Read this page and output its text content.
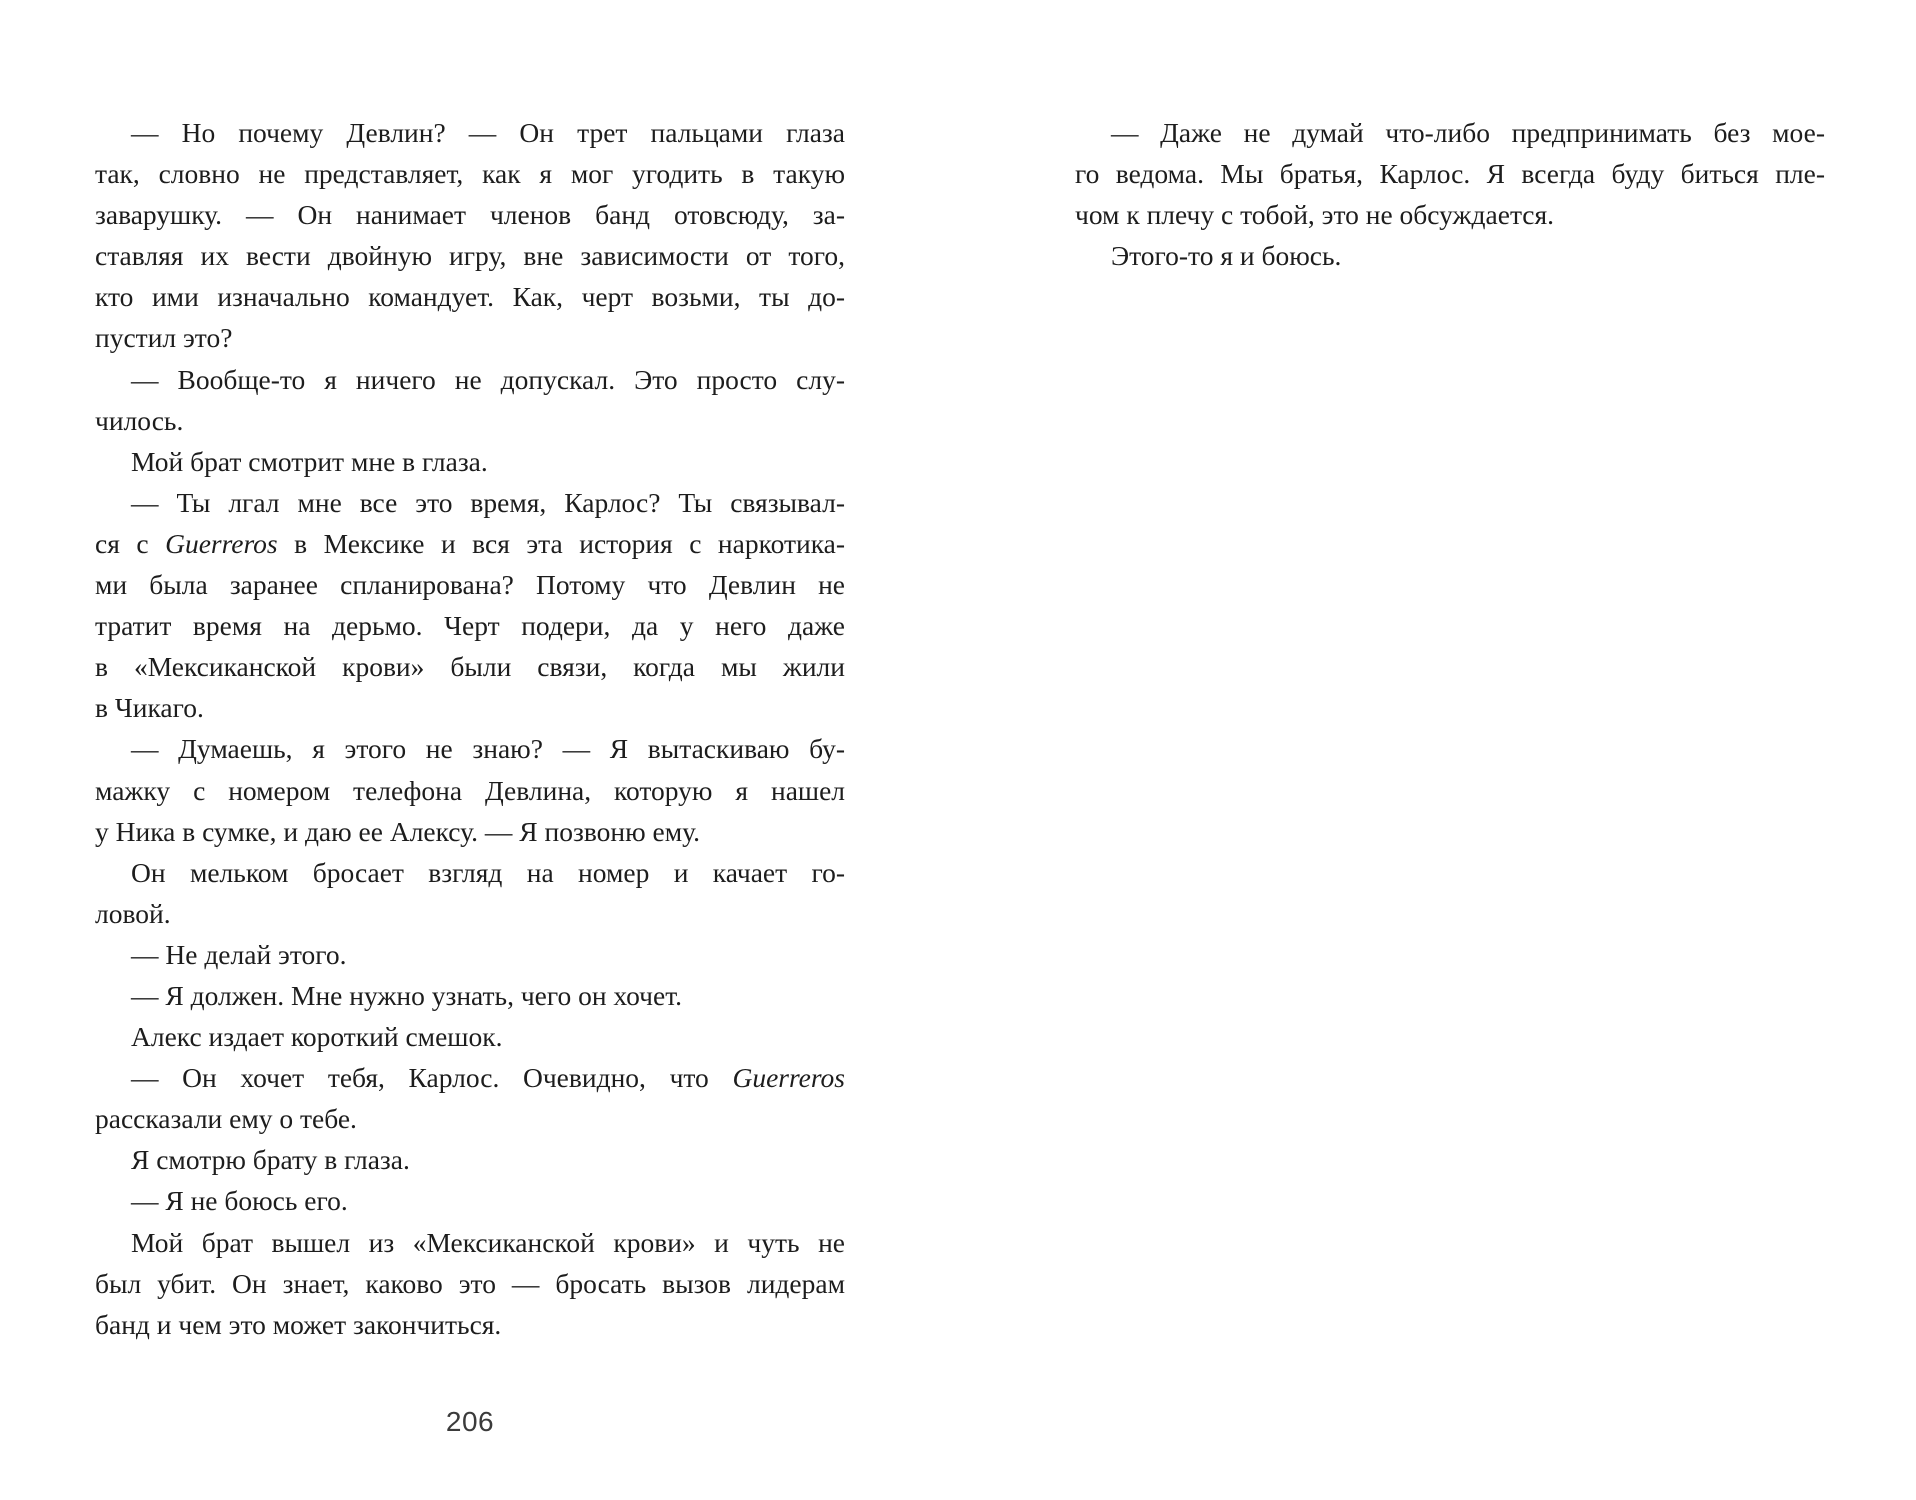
— Но почему Девлин? — Он трет пальцами глаза
так, словно не представляет, как я мог угодить в такую
заварушку. — Он нанимает членов банд отовсюду, за-
ставляя их вести двойную игру, вне зависимости от того,
кто ими изначально командует. Как, черт возьми, ты до-
пустил это?
— Вообще-то я ничего не допускал. Это просто слу-
чилось.
Мой брат смотрит мне в глаза.
— Ты лгал мне все это время, Карлос? Ты связывал-
ся с Guerreros в Мексике и вся эта история с наркотика-
ми была заранее спланирована? Потому что Девлин не
тратит время на дерьмо. Черт подери, да у него даже
в «Мексиканской крови» были связи, когда мы жили
в Чикаго.
— Думаешь, я этого не знаю? — Я вытаскиваю бу-
мажку с номером телефона Девлина, которую я нашел
у Ника в сумке, и даю ее Алексу. — Я позвоню ему.
Он мельком бросает взгляд на номер и качает го-
ловой.
— Не делай этого.
— Я должен. Мне нужно узнать, чего он хочет.
Алекс издает короткий смешок.
— Он хочет тебя, Карлос. Очевидно, что Guerreros
рассказали ему о тебе.
Я смотрю брату в глаза.
— Я не боюсь его.
Мой брат вышел из «Мексиканской крови» и чуть не
был убит. Он знает, каково это — бросать вызов лидерам
банд и чем это может закончиться.
— Даже не думай что-либо предпринимать без мое-
го ведома. Мы братья, Карлос. Я всегда буду биться пле-
чом к плечу с тобой, это не обсуждается.
Этого-то я и боюсь.
206
